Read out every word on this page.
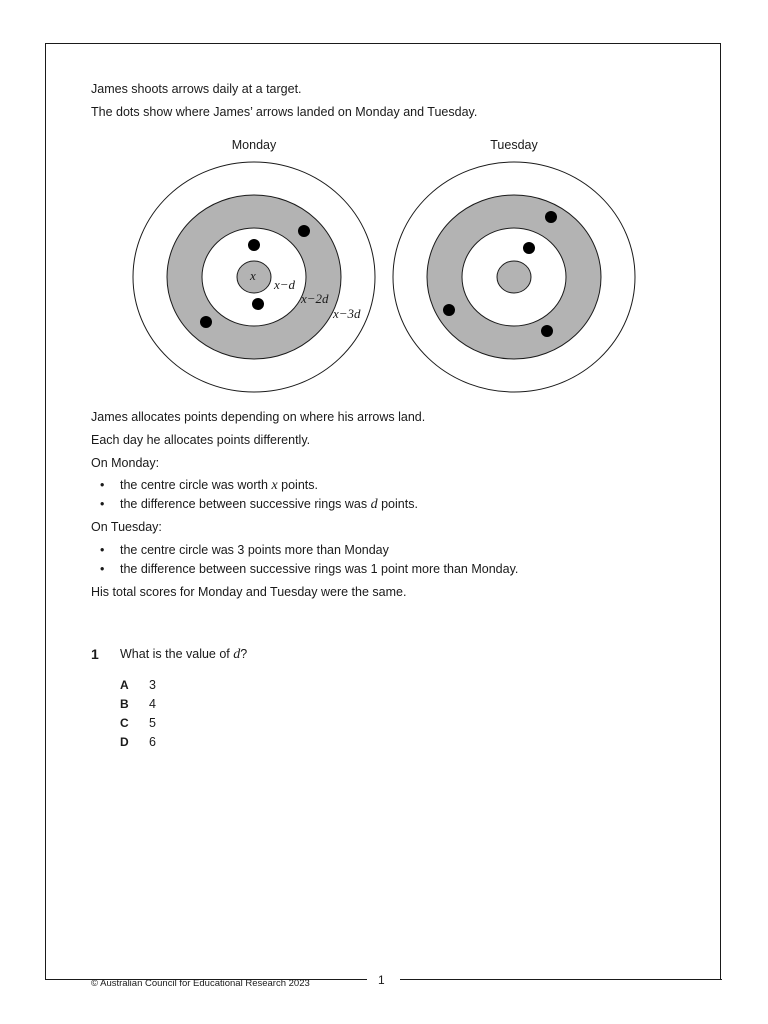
James shoots arrows daily at a target.
The dots show where James’ arrows landed on Monday and Tuesday.
Monday	Tuesday
x
x−d
x−2d
x−3d
James allocates points depending on where his arrows land.
Each day he allocates points differently.
On Monday:
• the centre circle was worth x points.
• the difference between successive rings was d points.
On Tuesday:
• the centre circle was 3 points more than Monday
• the difference between successive rings was 1 point more than Monday.
His total scores for Monday and Tuesday were the same.
1 What is the value of d?
A 3
B 4
C 5
D 6
© Australian Council for Educational Research 2023	1
